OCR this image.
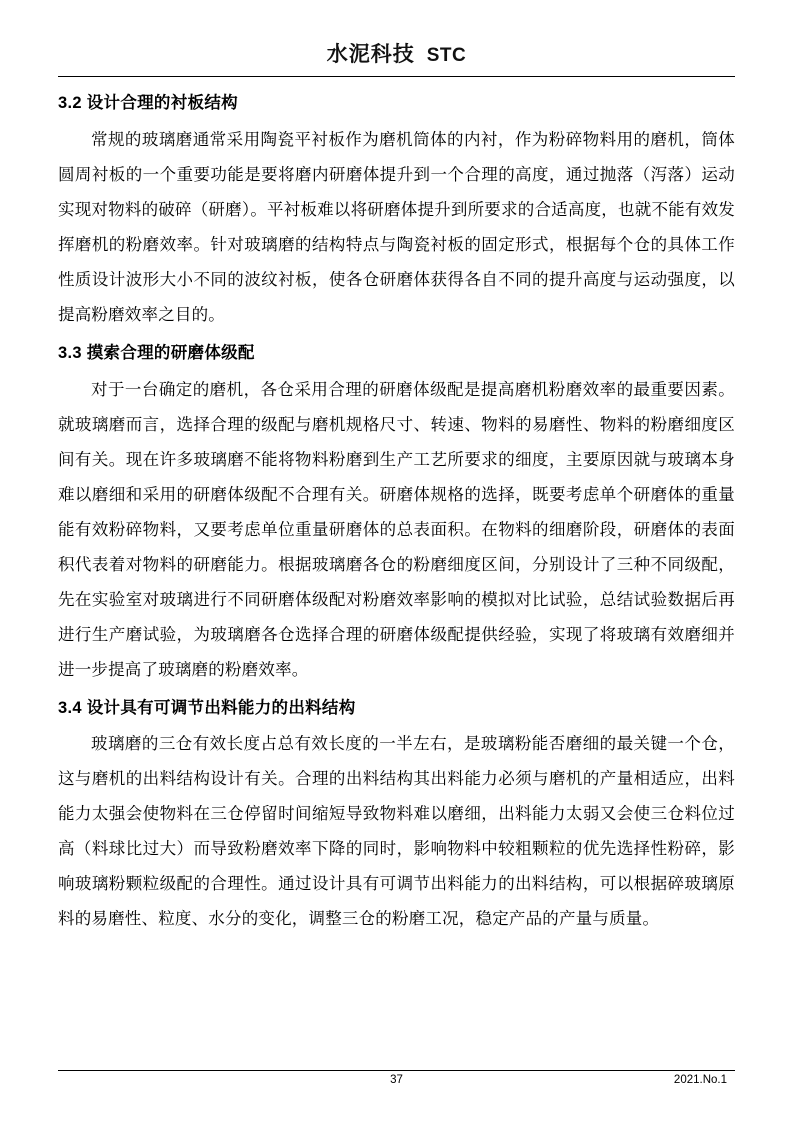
水泥科技 STC
3.2 设计合理的衬板结构

常规的玻璃磨通常采用陶瓷平衬板作为磨机筒体的内衬，作为粉碎物料用的磨机，筒体圆周衬板的一个重要功能是要将磨内研磨体提升到一个合理的高度，通过抛落（泻落）运动实现对物料的破碎（研磨）。平衬板难以将研磨体提升到所要求的合适高度，也就不能有效发挥磨机的粉磨效率。针对玻璃磨的结构特点与陶瓷衬板的固定形式，根据每个仓的具体工作性质设计波形大小不同的波纹衬板，使各仓研磨体获得各自不同的提升高度与运动强度，以提高粉磨效率之目的。

3.3 摸索合理的研磨体级配

对于一台确定的磨机，各仓采用合理的研磨体级配是提高磨机粉磨效率的最重要因素。就玻璃磨而言，选择合理的级配与磨机规格尺寸、转速、物料的易磨性、物料的粉磨细度区间有关。现在许多玻璃磨不能将物料粉磨到生产工艺所要求的细度，主要原因就与玻璃本身难以磨细和采用的研磨体级配不合理有关。研磨体规格的选择，既要考虑单个研磨体的重量能有效粉碎物料，又要考虑单位重量研磨体的总表面积。在物料的细磨阶段，研磨体的表面积代表着对物料的研磨能力。根据玻璃磨各仓的粉磨细度区间，分别设计了三种不同级配，先在实验室对玻璃进行不同研磨体级配对粉磨效率影响的模拟对比试验，总结试验数据后再进行生产磨试验，为玻璃磨各仓选择合理的研磨体级配提供经验，实现了将玻璃有效磨细并进一步提高了玻璃磨的粉磨效率。

3.4 设计具有可调节出料能力的出料结构

玻璃磨的三仓有效长度占总有效长度的一半左右，是玻璃粉能否磨细的最关键一个仓，这与磨机的出料结构设计有关。合理的出料结构其出料能力必须与磨机的产量相适应，出料能力太强会使物料在三仓停留时间缩短导致物料难以磨细，出料能力太弱又会使三仓料位过高（料球比过大）而导致粉磨效率下降的同时，影响物料中较粗颗粒的优先选择性粉碎，影响玻璃粉颗粒级配的合理性。通过设计具有可调节出料能力的出料结构，可以根据碎玻璃原料的易磨性、粒度、水分的变化，调整三仓的粉磨工况，稳定产品的产量与质量。

37	2021.No.1
